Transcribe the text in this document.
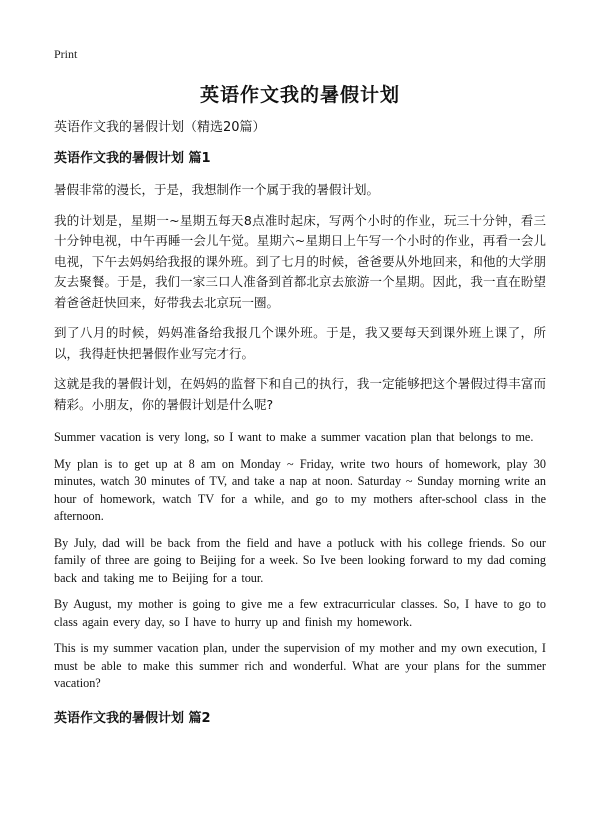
Print
英语作文我的暑假计划

英语作文我的暑假计划（精选20篇）

英语作文我的暑假计划 篇1

暑假非常的漫长，于是，我想制作一个属于我的暑假计划。

我的计划是，星期一~星期五每天8点准时起床，写两个小时的作业，玩三十分钟，看三十分钟电视，中午再睡一会儿午觉。星期六~星期日上午写一个小时的作业，再看一会儿电视，下午去妈妈给我报的课外班。到了七月的时候，爸爸要从外地回来，和他的大学朋友去聚餐。于是，我们一家三口人准备到首都北京去旅游一个星期。因此，我一直在盼望着爸爸赶快回来，好带我去北京玩一圈。

到了八月的时候，妈妈准备给我报几个课外班。于是，我又要每天到课外班上课了，所以，我得赶快把暑假作业写完才行。

这就是我的暑假计划，在妈妈的监督下和自己的执行，我一定能够把这个暑假过得丰富而精彩。小朋友，你的暑假计划是什么呢?

Summer vacation is very long, so I want to make a summer vacation plan that belongs to me.

My plan is to get up at 8 am on Monday ~ Friday, write two hours of homework, play 30 minutes, watch 30 minutes of TV, and take a nap at noon. Saturday ~ Sunday morning write an hour of homework, watch TV for a while, and go to my mothers after-school class in the afternoon.

By July, dad will be back from the field and have a potluck with his college friends. So our family of three are going to Beijing for a week. So Ive been looking forward to my dad coming back and taking me to Beijing for a tour.

By August, my mother is going to give me a few extracurricular classes. So, I have to go to class again every day, so I have to hurry up and finish my homework.

This is my summer vacation plan, under the supervision of my mother and my own execution, I must be able to make this summer rich and wonderful. What are your plans for the summer vacation?

英语作文我的暑假计划 篇2
